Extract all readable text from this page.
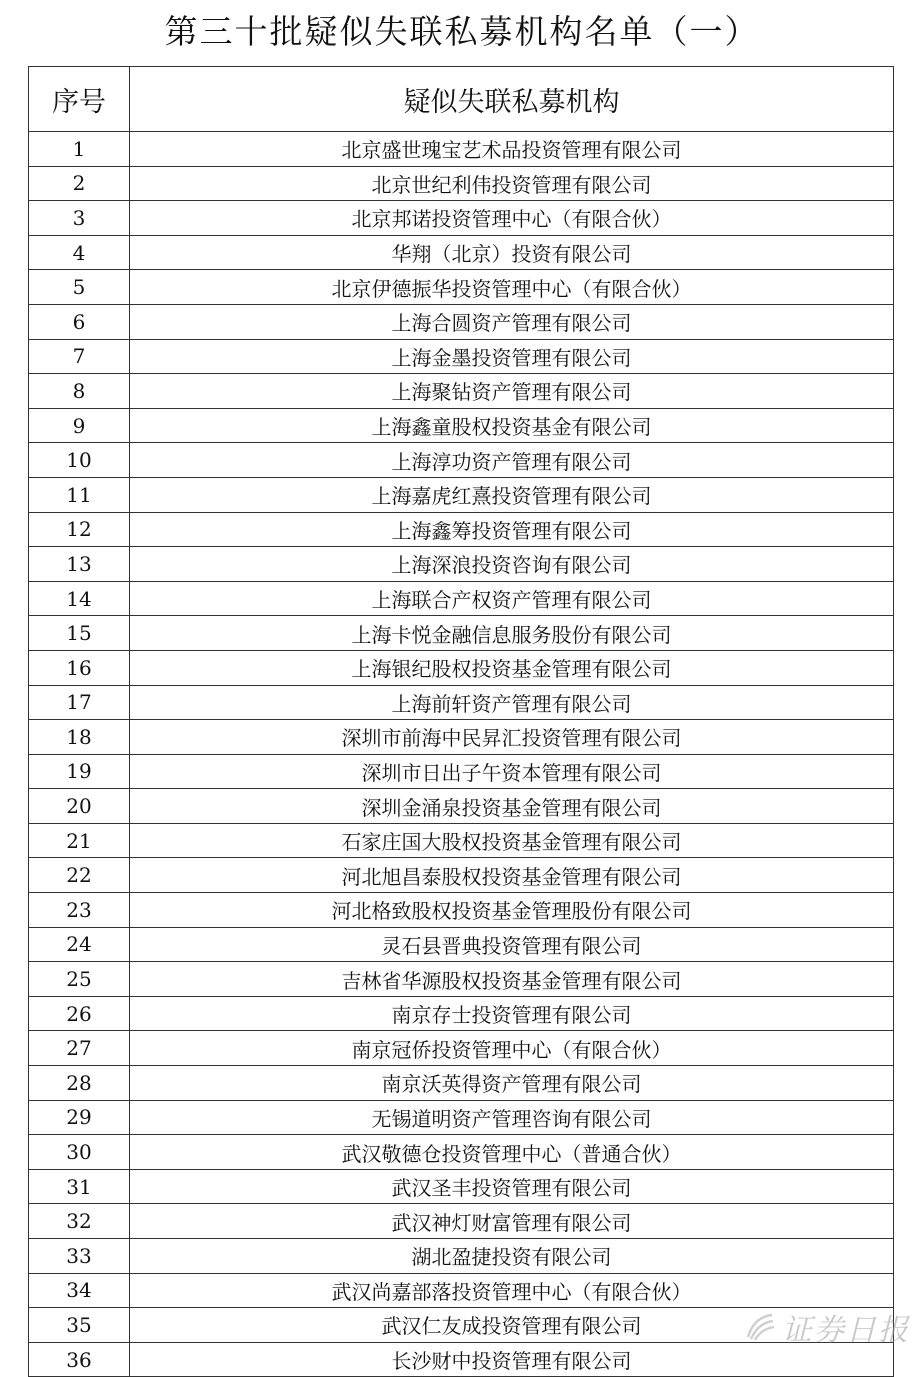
第三十批疑似失联私募机构名单（一）
序号	疑似失联私募机构
1	北京盛世瑰宝艺术品投资管理有限公司
2	北京世纪利伟投资管理有限公司
3	北京邦诺投资管理中心（有限合伙）
4	华翔（北京）投资有限公司
5	北京伊德振华投资管理中心（有限合伙）
6	上海合圆资产管理有限公司
7	上海金墨投资管理有限公司
8	上海聚钻资产管理有限公司
9	上海鑫童股权投资基金有限公司
10	上海淳功资产管理有限公司
11	上海嘉虎红熹投资管理有限公司
12	上海鑫筹投资管理有限公司
13	上海深浪投资咨询有限公司
14	上海联合产权资产管理有限公司
15	上海卡悦金融信息服务股份有限公司
16	上海银纪股权投资基金管理有限公司
17	上海前轩资产管理有限公司
18	深圳市前海中民昇汇投资管理有限公司
19	深圳市日出子午资本管理有限公司
20	深圳金涌泉投资基金管理有限公司
21	石家庄国大股权投资基金管理有限公司
22	河北旭昌泰股权投资基金管理有限公司
23	河北格致股权投资基金管理股份有限公司
24	灵石县晋典投资管理有限公司
25	吉林省华源股权投资基金管理有限公司
26	南京存士投资管理有限公司
27	南京冠侨投资管理中心（有限合伙）
28	南京沃英得资产管理有限公司
29	无锡道明资产管理咨询有限公司
30	武汉敬德仓投资管理中心（普通合伙）
31	武汉圣丰投资管理有限公司
32	武汉神灯财富管理有限公司
33	湖北盈捷投资有限公司
34	武汉尚嘉部落投资管理中心（有限合伙）
35	武汉仁友成投资管理有限公司
36	长沙财中投资管理有限公司
证券日报
